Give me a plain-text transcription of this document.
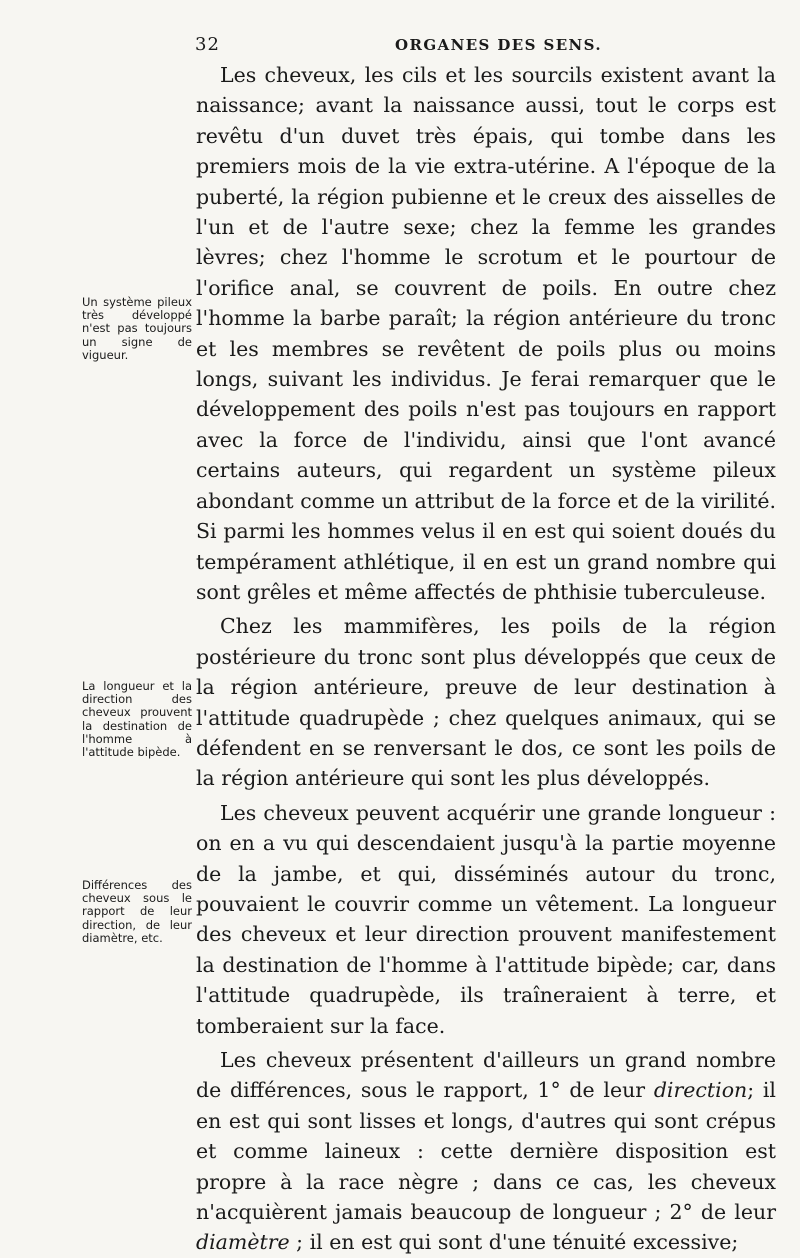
32	ORGANES DES SENS.
Un système pileux très développé n'est pas toujours un signe de vigueur.
La longueur et la direction des cheveux prouvent la destination de l'homme à l'attitude bipède.
Différences des cheveux sous le rapport de leur direction, de leur diamètre, etc.

Les cheveux, les cils et les sourcils existent avant la naissance; avant la naissance aussi, tout le corps est revêtu d'un duvet très épais, qui tombe dans les premiers mois de la vie extra-utérine. A l'époque de la puberté, la région pubienne et le creux des aisselles de l'un et de l'autre sexe; chez la femme les grandes lèvres; chez l'homme le scrotum et le pourtour de l'orifice anal, se couvrent de poils. En outre chez l'homme la barbe paraît; la région antérieure du tronc et les membres se revêtent de poils plus ou moins longs, suivant les individus. Je ferai remarquer que le développement des poils n'est pas toujours en rapport avec la force de l'individu, ainsi que l'ont avancé certains auteurs, qui regardent un système pileux abondant comme un attribut de la force et de la virilité. Si parmi les hommes velus il en est qui soient doués du tempérament athlétique, il en est un grand nombre qui sont grêles et même affectés de phthisie tuberculeuse.

Chez les mammifères, les poils de la région postérieure du tronc sont plus développés que ceux de la région antérieure, preuve de leur destination à l'attitude quadrupède ; chez quelques animaux, qui se défendent en se renversant le dos, ce sont les poils de la région antérieure qui sont les plus développés.

Les cheveux peuvent acquérir une grande longueur : on en a vu qui descendaient jusqu'à la partie moyenne de la jambe, et qui, disséminés autour du tronc, pouvaient le couvrir comme un vêtement. La longueur des cheveux et leur direction prouvent manifestement la destination de l'homme à l'attitude bipède; car, dans l'attitude quadrupède, ils traîneraient à terre, et tomberaient sur la face.

Les cheveux présentent d'ailleurs un grand nombre de différences, sous le rapport, 1° de leur direction; il en est qui sont lisses et longs, d'autres qui sont crépus et comme laineux : cette dernière disposition est propre à la race nègre ; dans ce cas, les cheveux n'acquièrent jamais beaucoup de longueur ; 2° de leur diamètre ; il en est qui sont d'une ténuité excessive;
